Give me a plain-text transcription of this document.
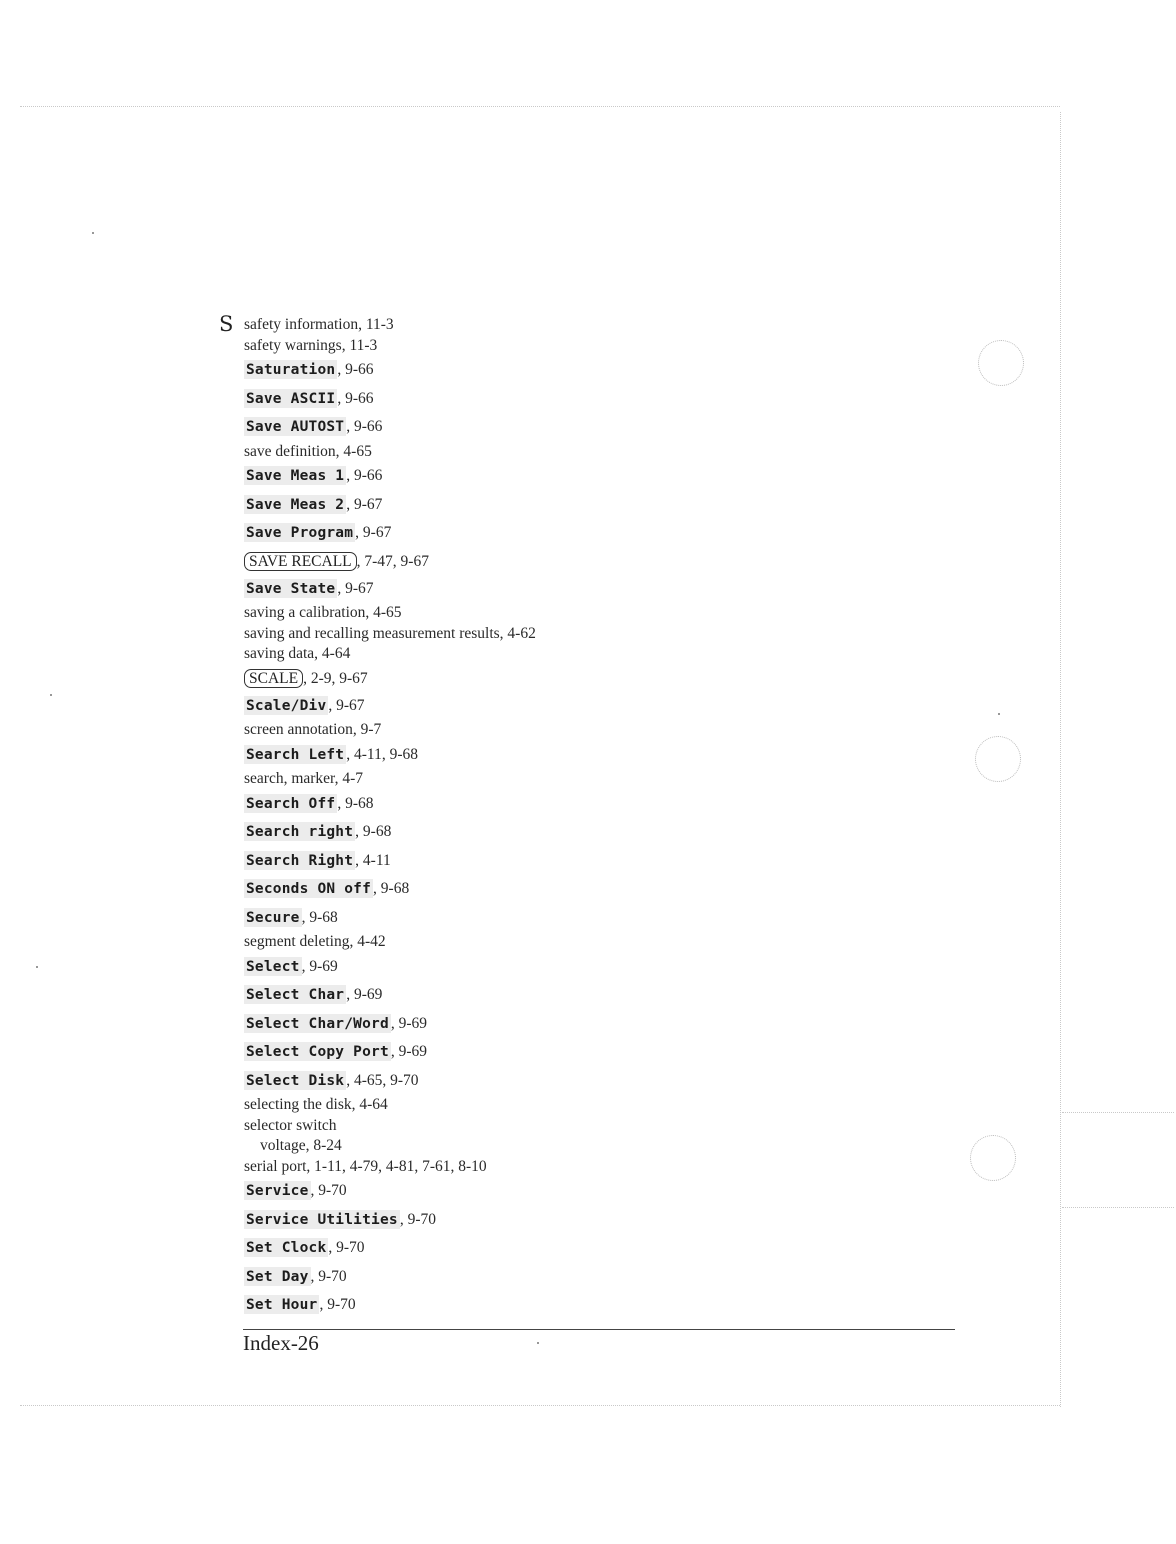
S safety information, 11-3
safety warnings, 11-3
Saturation , 9-66
Save ASCII , 9-66
Save AUTOST , 9-66
save definition, 4-65
Save Meas 1 , 9-66
Save Meas 2 , 9-67
Save Program , 9-67
SAVE RECALL , 7-47, 9-67
Save State , 9-67
saving a calibration, 4-65
saving and recalling measurement results, 4-62
saving data, 4-64
SCALE , 2-9, 9-67
Scale/Div , 9-67
screen annotation, 9-7
Search Left , 4-11, 9-68
search, marker, 4-7
Search Off , 9-68
Search right , 9-68
Search Right , 4-11
Seconds ON off , 9-68
Secure , 9-68
segment deleting, 4-42
Select , 9-69
Select Char , 9-69
Select Char/Word , 9-69
Select Copy Port , 9-69
Select Disk , 4-65, 9-70
selecting the disk, 4-64
selector switch
voltage, 8-24
serial port, 1-11, 4-79, 4-81, 7-61, 8-10
Service , 9-70
Service Utilities , 9-70
Set Clock , 9-70
Set Day , 9-70
Set Hour , 9-70
Index-26
